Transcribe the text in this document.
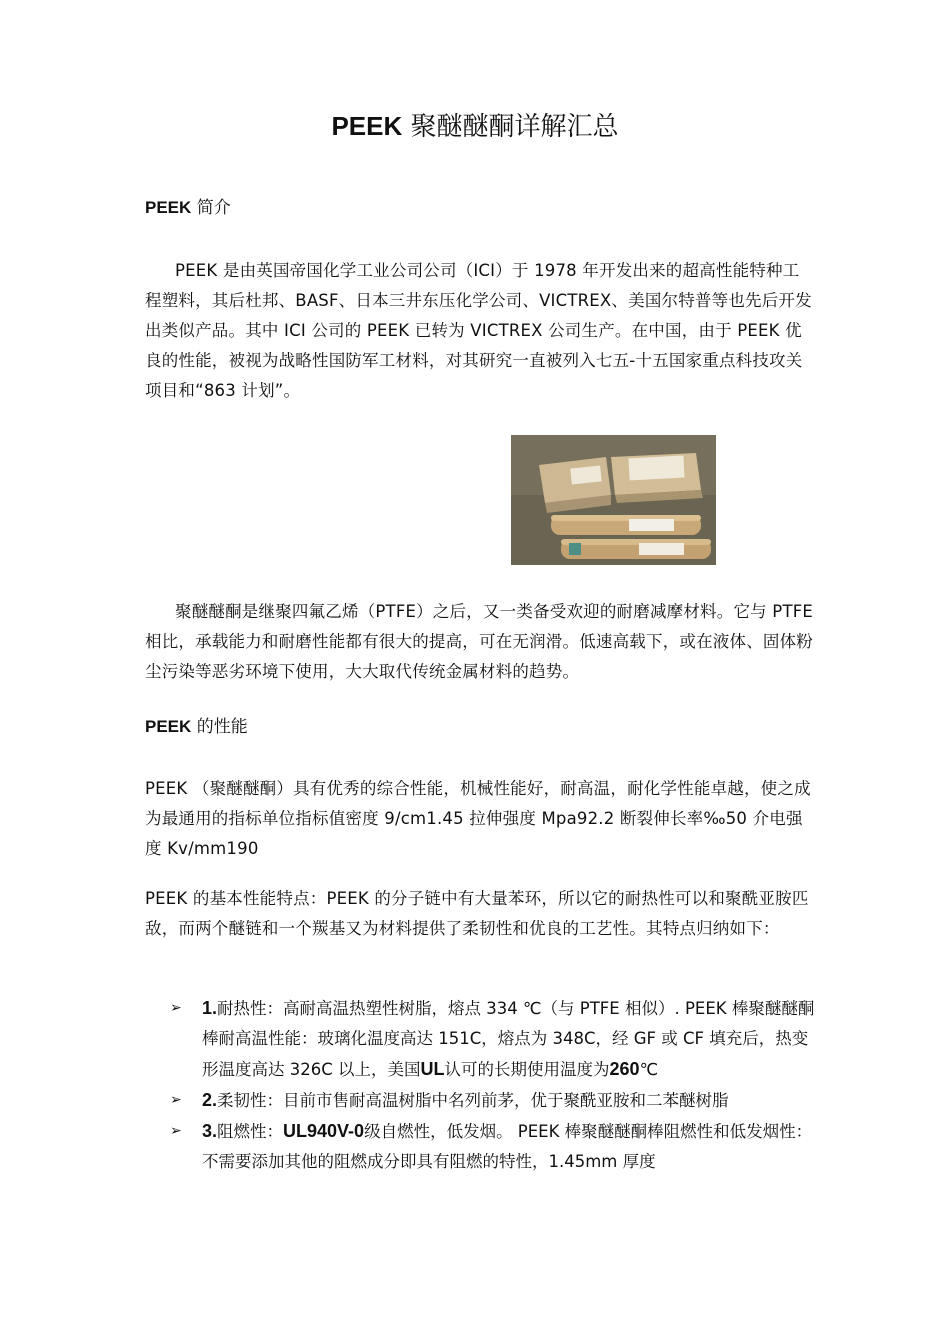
PEEK 聚醚醚酮详解汇总
PEEK 简介
PEEK 是由英国帝国化学工业公司公司（ICI）于 1978 年开发出来的超高性能特种工程塑料，其后杜邦、BASF、日本三井东压化学公司、VICTREX、美国尔特普等也先后开发出类似产品。其中 ICI 公司的 PEEK 已转为 VICTREX 公司生产。在中国，由于 PEEK 优良的性能，被视为战略性国防军工材料，对其研究一直被列入七五-十五国家重点科技攻关项目和“863 计划”。
聚醚醚酮是继聚四氟乙烯（PTFE）之后，又一类备受欢迎的耐磨减摩材料。它与 PTFE 相比，承载能力和耐磨性能都有很大的提高，可在无润滑。低速高载下，或在液体、固体粉尘污染等恶劣环境下使用，大大取代传统金属材料的趋势。
PEEK 的性能
PEEK （聚醚醚酮）具有优秀的综合性能，机械性能好，耐高温，耐化学性能卓越，使之成为最通用的指标单位指标值密度 9/cm1.45 拉伸强度 Mpa92.2 断裂伸长率‰50 介电强度 Kv/mm190
PEEK 的基本性能特点：PEEK 的分子链中有大量苯环，所以它的耐热性可以和聚酰亚胺匹敌，而两个醚链和一个羰基又为材料提供了柔韧性和优良的工艺性。其特点归纳如下：
➢	1.耐热性：高耐高温热塑性树脂，熔点 334 ℃（与 PTFE 相似）. PEEK 棒聚醚醚酮棒耐高温性能：玻璃化温度高达 151C，熔点为 348C，经 GF 或 CF 填充后，热变形温度高达 326C 以上，美国UL认可的长期使用温度为260℃
➢	2.柔韧性：目前市售耐高温树脂中名列前茅，优于聚酰亚胺和二苯醚树脂
➢	3.阻燃性：UL940V-0级自燃性，低发烟。 PEEK 棒聚醚醚酮棒阻燃性和低发烟性：不需要添加其他的阻燃成分即具有阻燃的特性，1.45mm 厚度
